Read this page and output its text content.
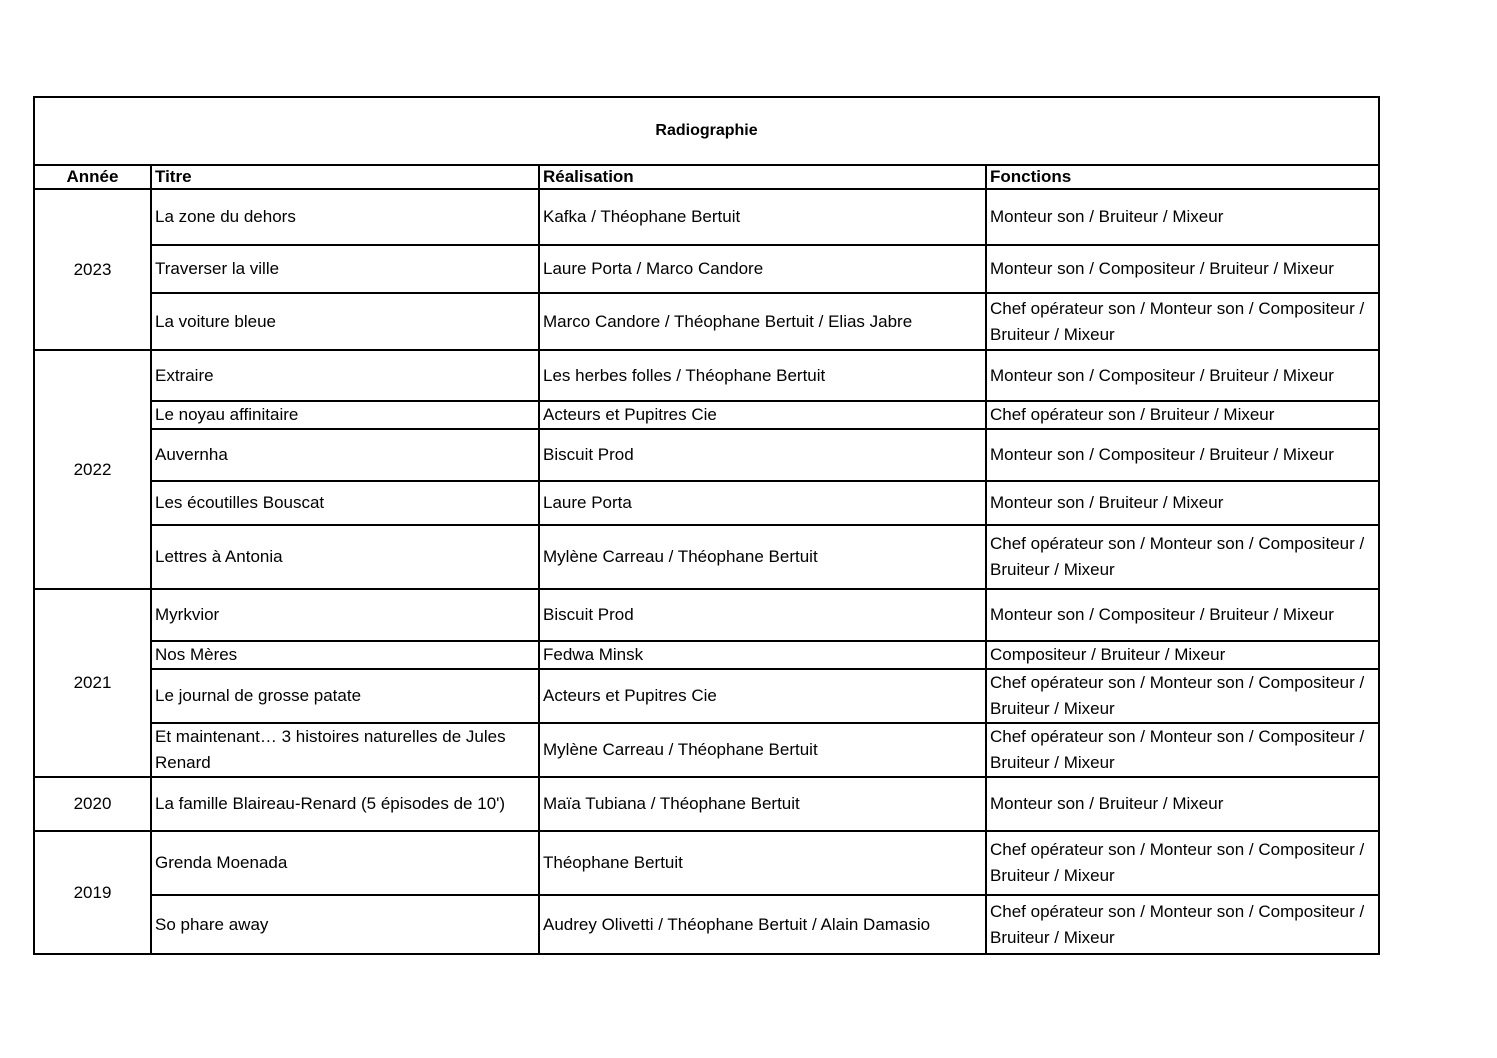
Radiographie			
Année	Titre	Réalisation	Fonctions
2023	La zone du dehors	Kafka / Théophane Bertuit	Monteur son / Bruiteur / Mixeur
	Traverser la ville	Laure Porta / Marco Candore	Monteur son / Compositeur / Bruiteur / Mixeur
	La voiture bleue	Marco Candore / Théophane Bertuit / Elias Jabre	Chef opérateur son / Monteur son / Compositeur / Bruiteur / Mixeur
2022	Extraire	Les herbes folles / Théophane Bertuit	Monteur son / Compositeur / Bruiteur / Mixeur
	Le noyau affinitaire	Acteurs et Pupitres Cie	Chef opérateur son / Bruiteur / Mixeur
	Auvernha	Biscuit Prod	Monteur son / Compositeur / Bruiteur / Mixeur
	Les écoutilles Bouscat	Laure Porta	Monteur son / Bruiteur / Mixeur
	Lettres à Antonia	Mylène Carreau / Théophane Bertuit	Chef opérateur son / Monteur son / Compositeur / Bruiteur / Mixeur
2021	Myrkvior	Biscuit Prod	Monteur son / Compositeur / Bruiteur / Mixeur
	Nos Mères	Fedwa Minsk	Compositeur / Bruiteur / Mixeur
	Le journal de grosse patate	Acteurs et Pupitres Cie	Chef opérateur son / Monteur son / Compositeur / Bruiteur / Mixeur
	Et maintenant… 3 histoires naturelles de Jules Renard	Mylène Carreau / Théophane Bertuit	Chef opérateur son / Monteur son / Compositeur / Bruiteur / Mixeur
2020	La famille Blaireau-Renard (5 épisodes de 10')	Maïa Tubiana / Théophane Bertuit	Monteur son / Bruiteur / Mixeur
2019	Grenda Moenada	Théophane Bertuit	Chef opérateur son / Monteur son / Compositeur / Bruiteur / Mixeur
	So phare away	Audrey Olivetti / Théophane Bertuit / Alain Damasio	Chef opérateur son / Monteur son / Compositeur / Bruiteur / Mixeur
